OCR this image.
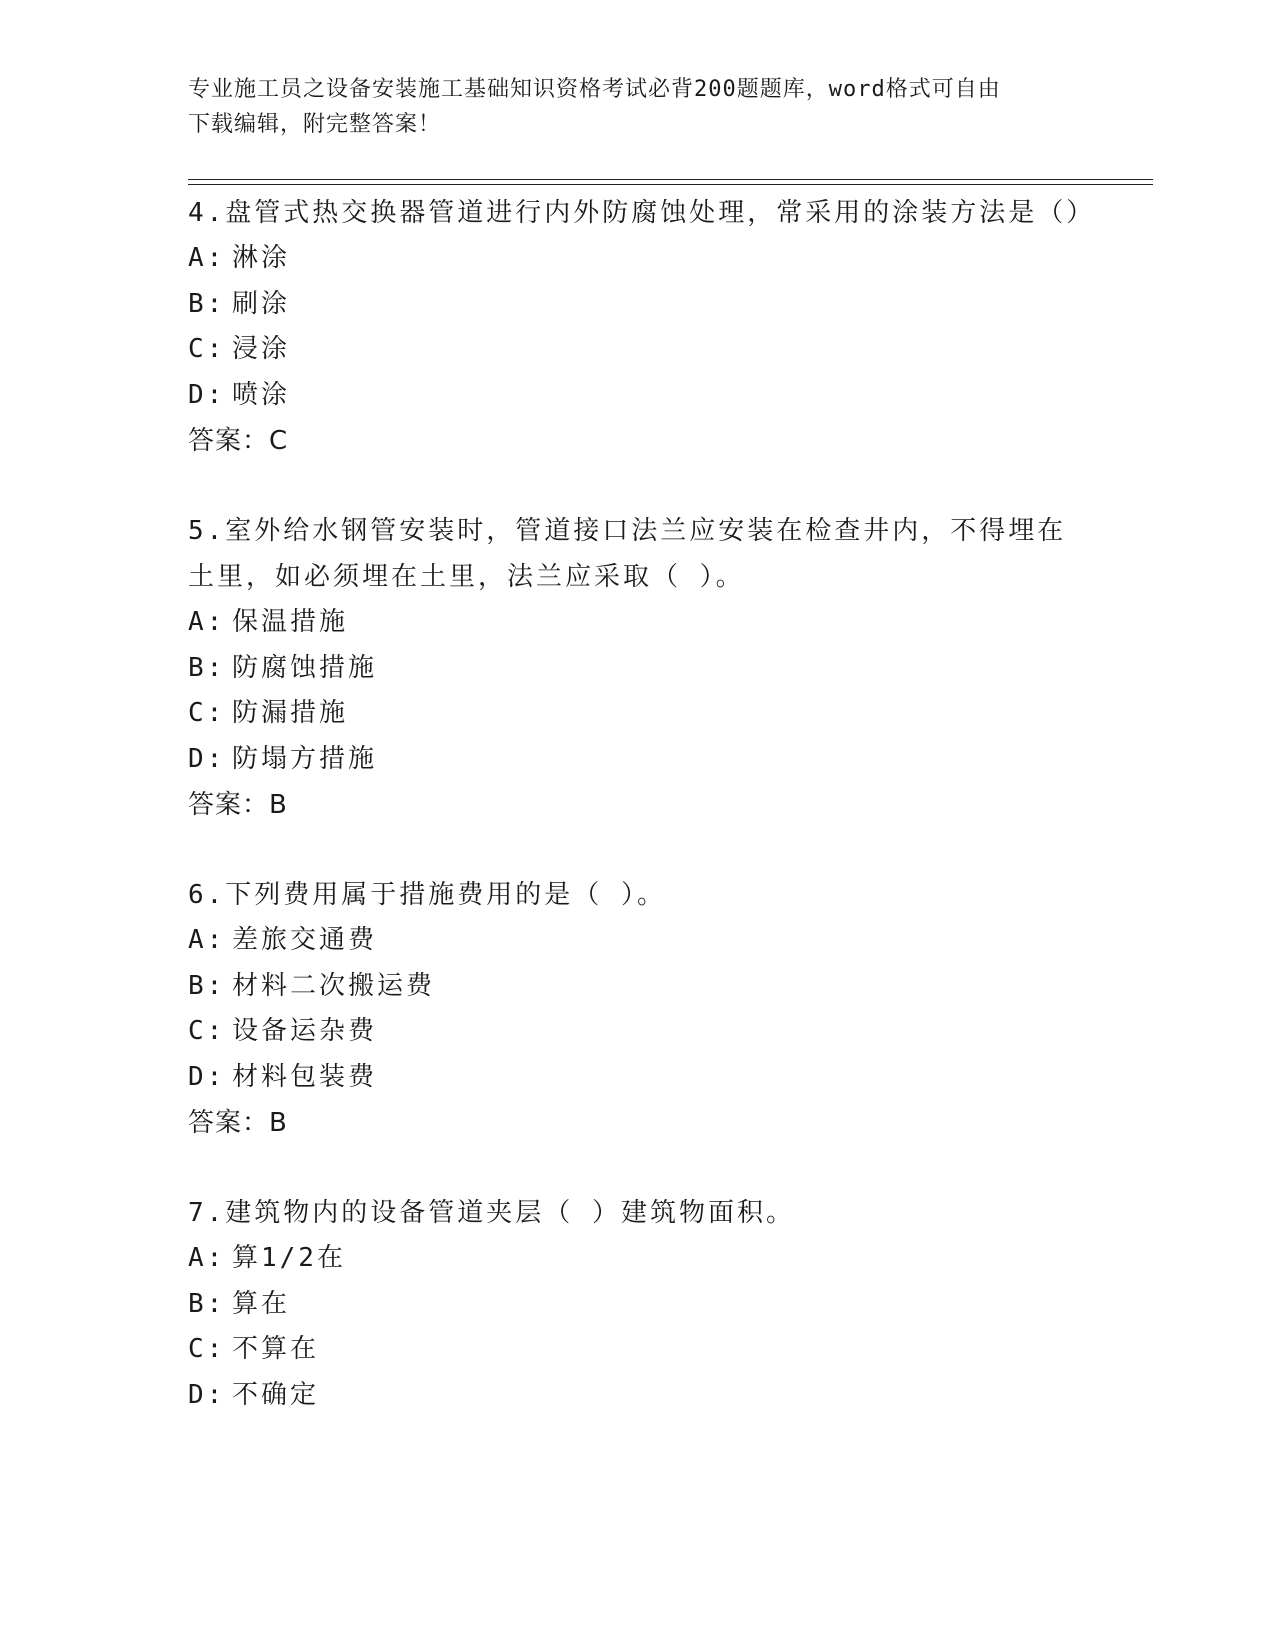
专业施工员之设备安装施工基础知识资格考试必背200题题库，word格式可自由
下载编辑，附完整答案！

4.盘管式热交换器管道进行内外防腐蚀处理，常采用的涂装方法是（）

A: 淋涂
B: 刷涂
C: 浸涂
D: 喷涂

答案：C

5.室外给水钢管安装时，管道接口法兰应安装在检查井内，不得埋在土里，如必须埋在土里，法兰应采取（ ）。

A: 保温措施
B: 防腐蚀措施
C: 防漏措施
D: 防塌方措施

答案：B

6.下列费用属于措施费用的是（ ）。

A: 差旅交通费
B: 材料二次搬运费
C: 设备运杂费
D: 材料包装费

答案：B

7.建筑物内的设备管道夹层（ ）建筑物面积。

A: 算1/2在
B: 算在
C: 不算在
D: 不确定
